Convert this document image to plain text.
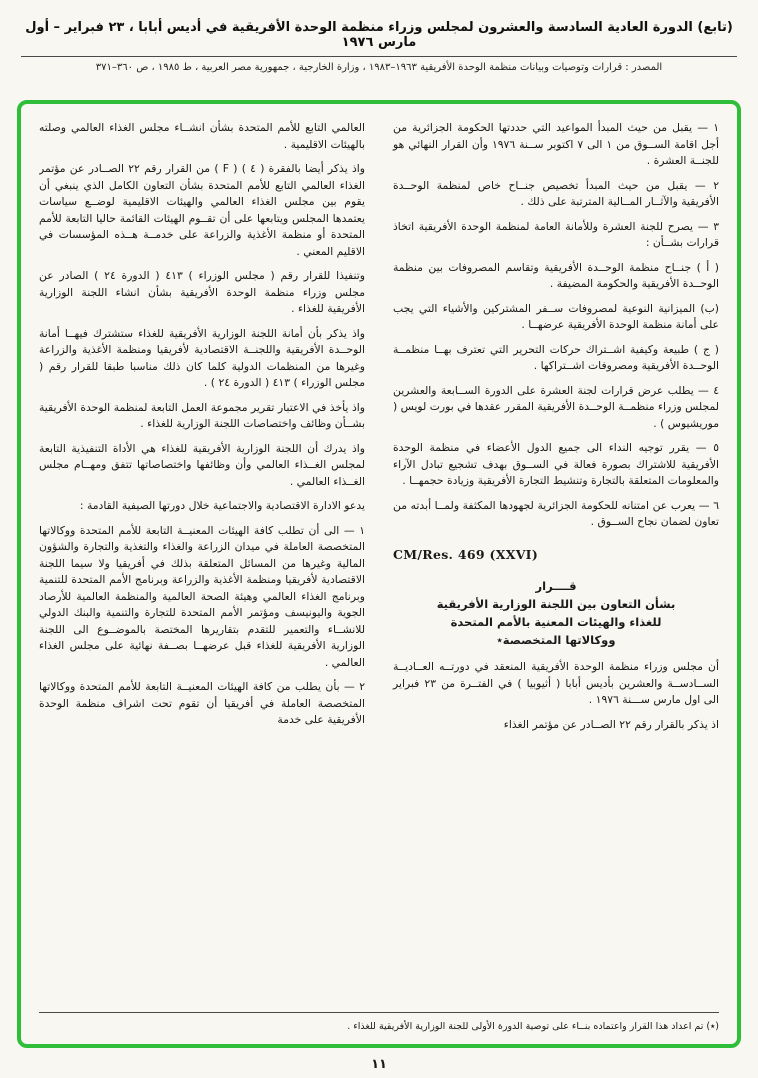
(تابع) الدورة العادية السادسة والعشرون لمجلس وزراء منظمة الوحدة الأفريقية في أديس أبابا ، ٢٣ فبراير – أول مارس ١٩٧٦
المصدر : قرارات وتوصيات وبيانات منظمة الوحدة الأفريقية ١٩٦٣–١٩٨٣ ، وزارة الخارجية ، جمهورية مصر العربية ، ط ١٩٨٥ ، ص ٣٦٠–٣٧١

١ — يقبل من حيث المبدأ المواعيد التي حددتها الحكومة الجزائرية من أجل اقامة الســوق من ١ الى ٧ اكتوبر ســنة ١٩٧٦ وأن القرار النهائي هو للجنــة العشرة .

٢ — يقبل من حيث المبدأ تخصيص جنــاح خاص لمنظمة الوحــدة الأفريقية والآثــار المــالية المترتبة على ذلك .

٣ — يصرح للجنة العشرة وللأمانة العامة لمنظمة الوحدة الأفريقية اتخاذ قرارات بشــأن :

( أ ) جنــاح منظمة الوحــدة الأفريقية وتقاسم المصروفات بين منظمة الوحــدة الأفريقية والحكومة المضيفة .

(ب) الميزانية النوعية لمصروفات ســفر المشتركين والأشياء التي يجب على أمانة منظمة الوحدة الأفريقية عرضهــا .

( ج ) طبيعة وكيفية اشــتراك حركات التحرير التي تعترف بهــا منظمــة الوحــدة الأفريقية ومصروفات اشــتراكها .

٤ — يطلب عرض قرارات لجنة العشرة على الدورة الســابعة والعشرين لمجلس وزراء منظمــة الوحــدة الأفريقية المقرر عقدها في بورت لويس ( موريشيوس ) .

٥ — يقرر توجيه النداء الى جميع الدول الأعضاء في منظمة الوحدة الأفريقية للاشتراك بصورة فعالة في الســوق بهدف تشجيع تبادل الآراء والمعلومات المتعلقة بالتجارة وتنشيط التجارة الأفريقية وزيادة حجمهــا .

٦ — يعرب عن امتنانه للحكومة الجزائرية لجهودها المكثفة ولمــا أبدته من تعاون لضمان نجاح الســوق .

CM/Res. 469 (XXVI)
قــــرار
بشأن التعاون بين اللجنة الوزارية الأفريقية
للغذاء والهيئات المعنية بالأمم المتحدة
ووكالاتها المتخصصة٭

أن مجلس وزراء منظمة الوحدة الأفريقية المنعقد في دورتــه العــاديــة الســادســة والعشرين بأديس أبابا ( أثيوبيا ) في الفتــرة من ٢٣ فبراير الى اول مارس ســـنة ١٩٧٦ .

اذ يذكر بالقرار رقم ٢٢ الصــادر عن مؤتمر الغذاء

العالمي التابع للأمم المتحدة بشأن انشــاء مجلس الغذاء العالمي وصلته بالهيئات الاقليمية .

واذ يذكر أيضا بالفقرة ( ٤ ) ( F ) من القرار رقم ٢٢ الصــادر عن مؤتمر الغذاء العالمي التابع للأمم المتحدة بشأن التعاون الكامل الذي ينبغي أن يقوم بين مجلس الغذاء العالمي والهيئات الاقليمية لوضــع سياسات يعتمدها المجلس ويتابعها على أن تقــوم الهيئات القائمة حاليا التابعة للأمم المتحدة أو منظمة الأغذية والزراعة على خدمــة هــذه المؤسسات في الاقليم المعني .

وتنفيذا للقرار رقم ( مجلس الوزراء ) ٤١٣ ( الدورة ٢٤ ) الصادر عن مجلس وزراء منظمة الوحدة الأفريقية بشأن انشاء اللجنة الوزارية الأفريقية للغذاء .

واذ يذكر بأن أمانة اللجنة الوزارية الأفريقية للغذاء ستشترك فيهــا أمانة الوحــدة الأفريقية واللجنــة الاقتصادية لأفريقيا ومنظمة الأغذية والزراعة وغيرها من المنظمات الدولية كلما كان ذلك مناسبا طبقا للقرار رقم ( مجلس الوزراء ) ٤١٣ ( الدورة ٢٤ ) .

واذ يأخذ في الاعتبار تقرير مجموعة العمل التابعة لمنظمة الوحدة الأفريقية بشــأن وظائف واختصاصات اللجنة الوزارية للغذاء .

واذ يدرك أن اللجنة الوزارية الأفريقية للغذاء هي الأداة التنفيذية التابعة لمجلس الغــذاء العالمي وأن وظائفها واختصاصاتها تتفق ومهــام مجلس الغــذاء العالمي .

يدعو الادارة الاقتصادية والاجتماعية خلال دورتها الصيفية القادمة :

١ — الى أن تطلب كافة الهيئات المعنيــة التابعة للأمم المتحدة ووكالاتها المتخصصة العاملة في ميدان الزراعة والغذاء والتغذية والتجارة والشؤون المالية وغيرها من المسائل المتعلقة بذلك في أفريقيا ولا سيما اللجنة الاقتصادية لأفريقيا ومنظمة الأغذية والزراعة وبرنامج الأمم المتحدة للتنمية وبرنامج الغذاء العالمي وهيئة الصحة العالمية والمنظمة العالمية للأرصاد الجوية واليونيسف ومؤتمر الأمم المتحدة للتجارة والتنمية والبنك الدولي للانشــاء والتعمير للتقدم بتقاريرها المختصة بالموضــوع الى اللجنة الوزارية الأفريقية للغذاء قبل عرضهــا بصــفة نهائية على مجلس الغذاء العالمي .

٢ — بأن يطلب من كافة الهيئات المعنيــة التابعة للأمم المتحدة ووكالاتها المتخصصة العاملة في أفريقيا أن تقوم تحت اشراف منظمة الوحدة الأفريقية على خدمة

(٭) تم اعداد هذا القرار واعتماده بنــاء على توصية الدورة الأولى للجنة الوزارية الأفريقية للغذاء .
١١
